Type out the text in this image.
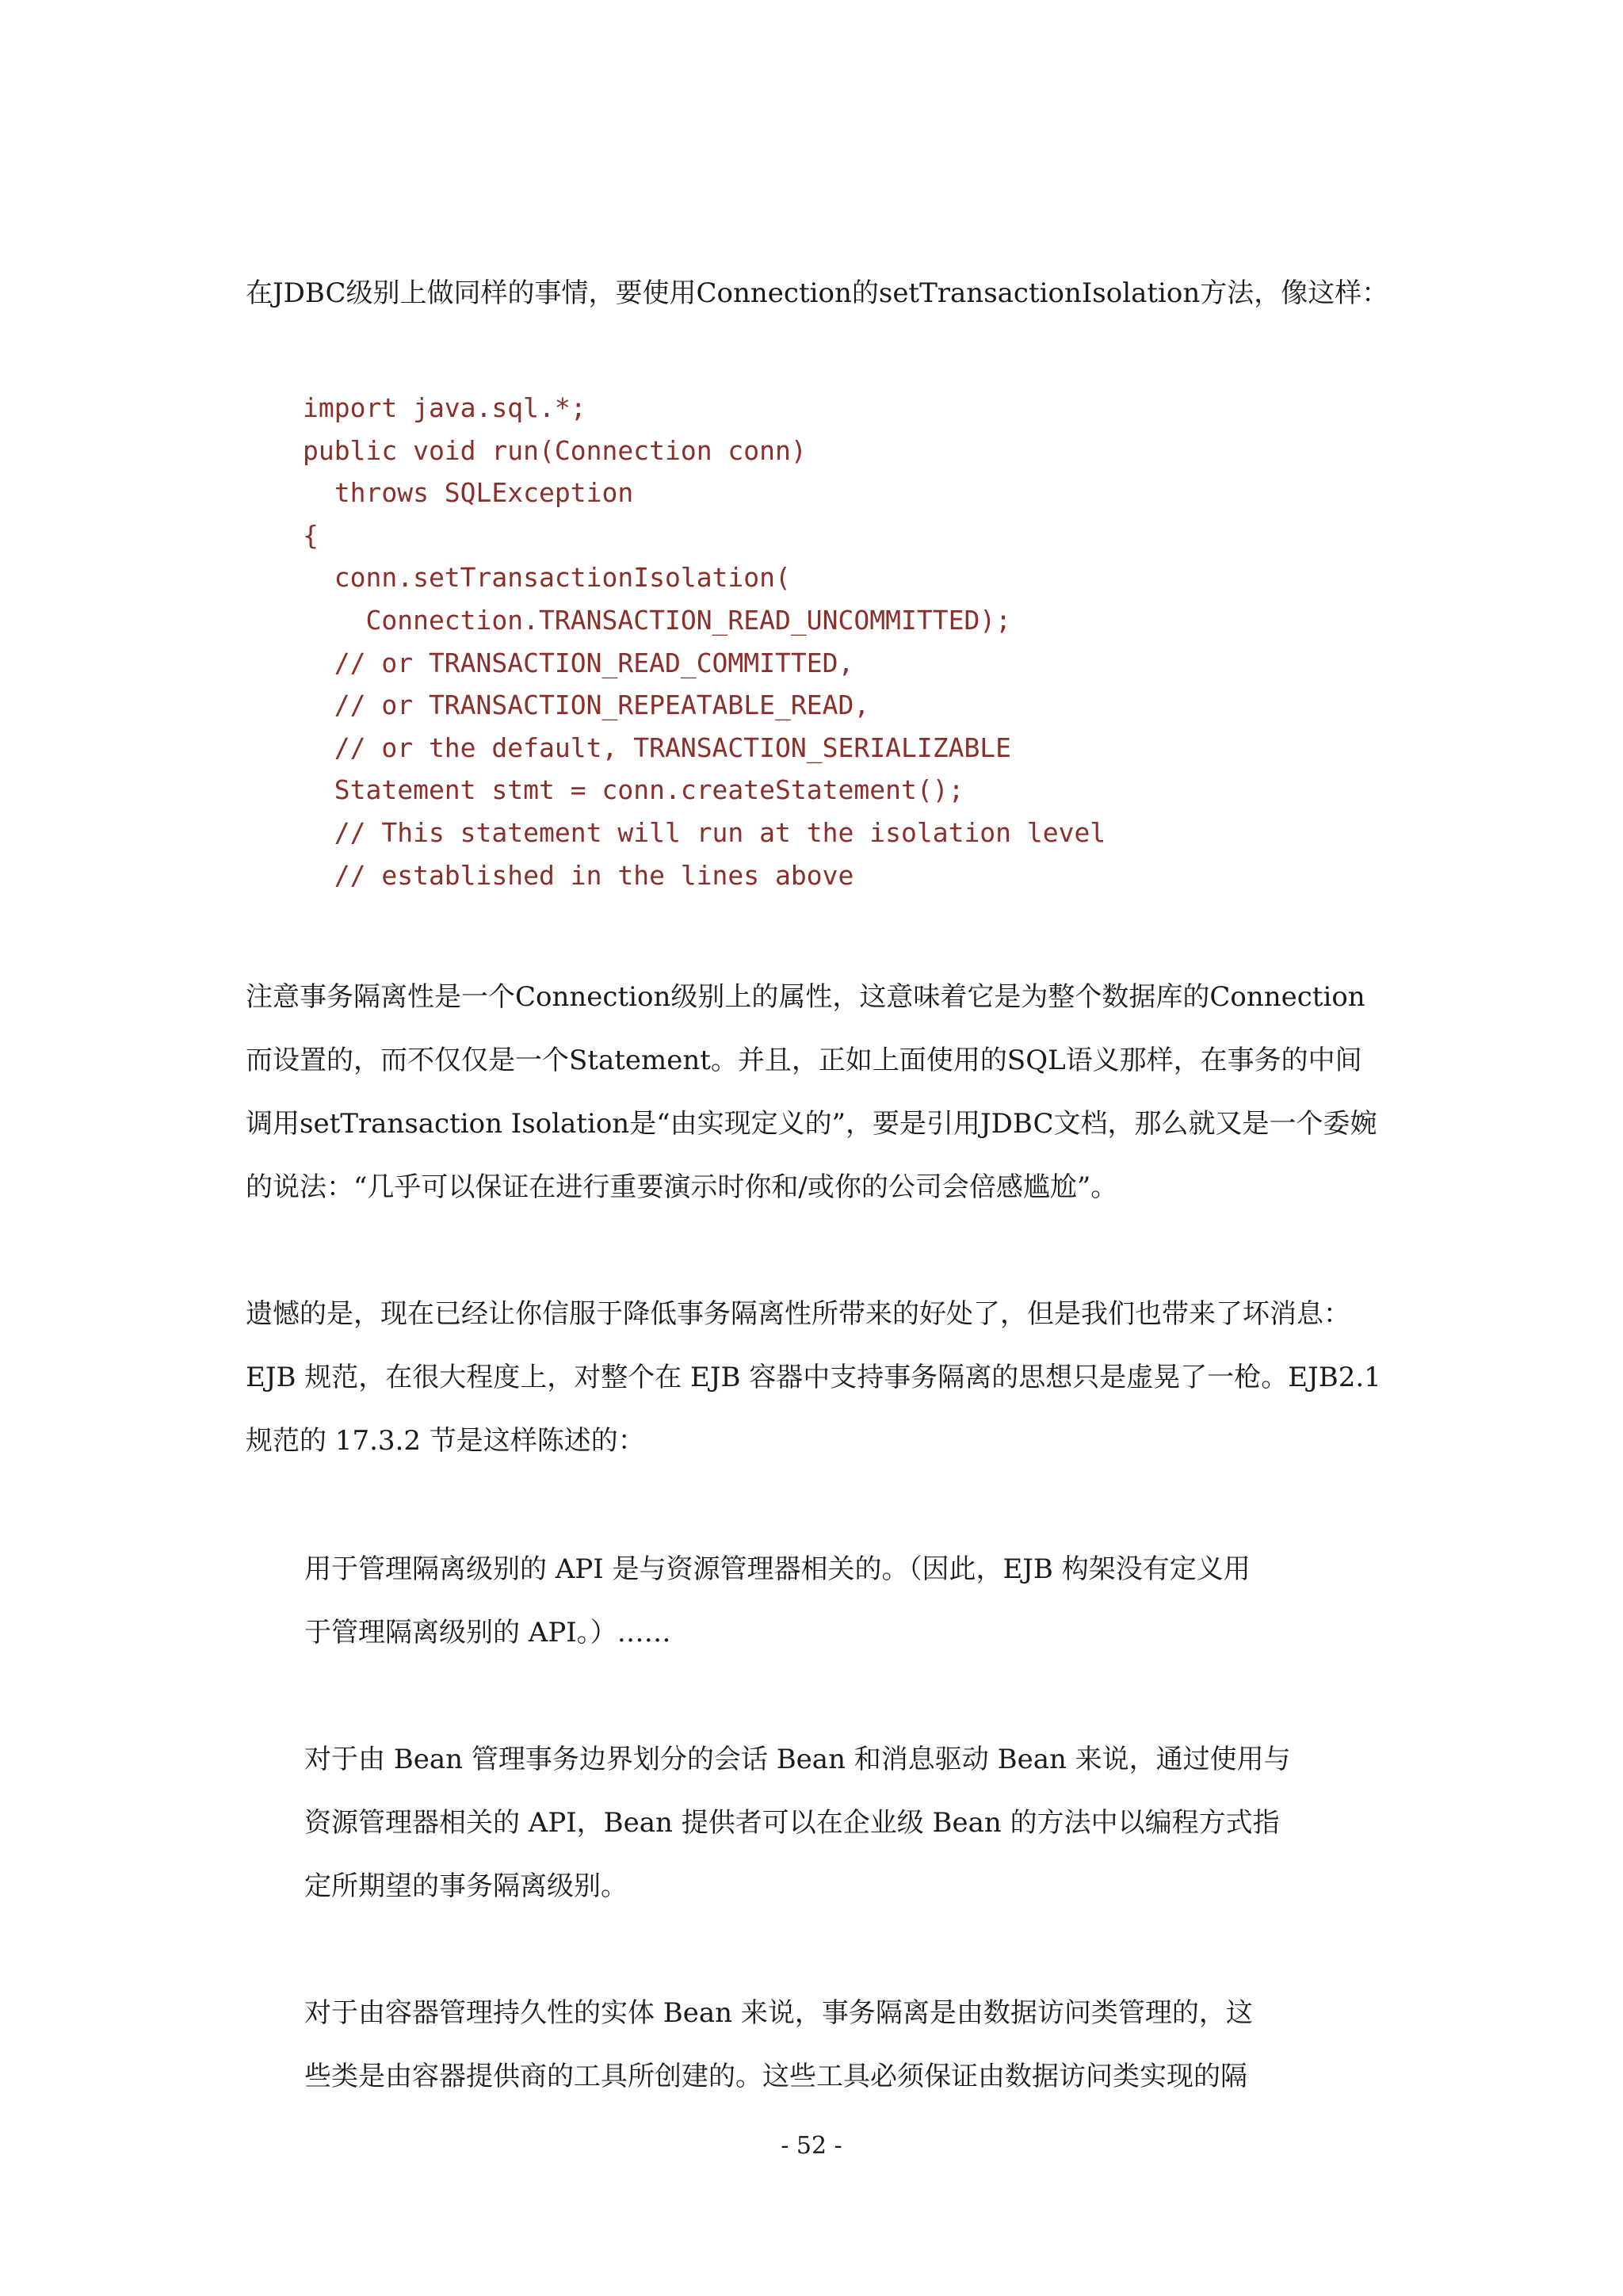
在JDBC级别上做同样的事情，要使用Connection的setTransactionIsolation方法，像这样：

import java.sql.*;
public void run(Connection conn)
throws SQLException
{
conn.setTransactionIsolation(
Connection.TRANSACTION_READ_UNCOMMITTED);
// or TRANSACTION_READ_COMMITTED,
// or TRANSACTION_REPEATABLE_READ,
// or the default, TRANSACTION_SERIALIZABLE
Statement stmt = conn.createStatement();
// This statement will run at the isolation level
// established in the lines above

注意事务隔离性是一个Connection级别上的属性，这意味着它是为整个数据库的Connection
而设置的，而不仅仅是一个Statement。并且，正如上面使用的SQL语义那样，在事务的中间
调用setTransaction Isolation是“由实现定义的”，要是引用JDBC文档，那么就又是一个委婉
的说法：“几乎可以保证在进行重要演示时你和/或你的公司会倍感尴尬”。

遗憾的是，现在已经让你信服于降低事务隔离性所带来的好处了，但是我们也带来了坏消息：
EJB 规范，在很大程度上，对整个在 EJB 容器中支持事务隔离的思想只是虚晃了一枪。EJB2.1
规范的 17.3.2 节是这样陈述的：

用于管理隔离级别的 API 是与资源管理器相关的。（因此，EJB 构架没有定义用
于管理隔离级别的 API。）……

对于由 Bean 管理事务边界划分的会话 Bean 和消息驱动 Bean 来说，通过使用与
资源管理器相关的 API，Bean 提供者可以在企业级 Bean 的方法中以编程方式指
定所期望的事务隔离级别。

对于由容器管理持久性的实体 Bean 来说，事务隔离是由数据访问类管理的，这
些类是由容器提供商的工具所创建的。这些工具必须保证由数据访问类实现的隔

- 52 -
